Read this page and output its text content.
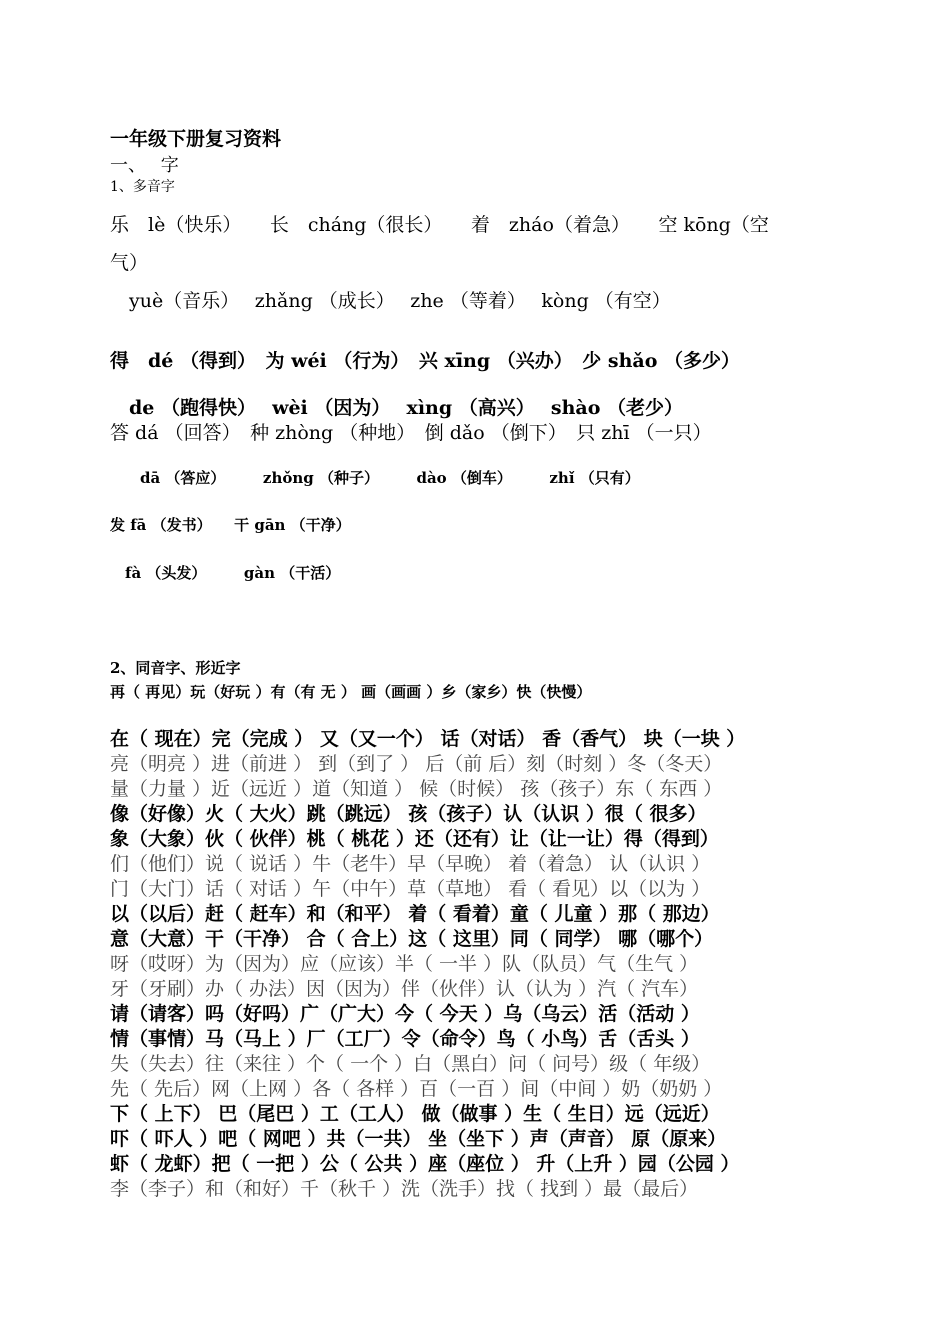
一年级下册复习资料
一、　 字
1、多音字
乐　lè（快乐）　　长　cháng（很长）　　着　zháo（着急）　　空 kōng（空
气）
　yuè（音乐）　 zhǎng （成长）　 zhe （等着）　 kòng （有空）
得　dé （得到）　为 wéi （行为）　兴 xīng （兴办）　少 shǎo （多少）
　de （跑得快）　 wèi （因为）　 xìng （高兴）　 shào （老少）
答 dá （回答）　种 zhòng （种地）　倒 dǎo （倒下）　只 zhī （一只）
　　dā （答应）　　　zhǒng （种子）　　　dào （倒车）　　　zhǐ （只有）
发 fā （发书）　　干 gān （干净）
　fà （头发）　　　gàn （干活）
2、同音字、形近字
再（ 再见）玩（好玩 ）有（有 无 ） 画（画画 ）乡（家乡）快（快慢）
在（ 现在）完（完成 ） 又（又一个） 话（对话） 香（香气） 块（一块 ）
亮（明亮 ）进（前进 ） 到（到了 ） 后（前 后）刻（时刻 ）冬（冬天）
量（力量 ）近（远近 ）道（知道 ） 候（时候） 孩（孩子）东（ 东西 ）
像（好像）火（ 大火）跳（跳远） 孩（孩子）认（认识 ）很（ 很多）
象（大象）伙（ 伙伴）桃（ 桃花 ）还（还有）让（让一让）得（得到）
们（他们）说（ 说话 ）牛（老牛）早（早晚） 着（着急） 认（认识 ）
门（大门）话（ 对话 ）午（中午）草（草地） 看（ 看见）以（以为 ）
以（以后）赶（ 赶车）和（和平） 着（ 看着）童（ 儿童 ）那（ 那边）
意（大意）干（干净） 合（ 合上）这（ 这里）同（ 同学） 哪（哪个）
呀（哎呀）为（因为）应（应该）半（ 一半 ）队（队员）气（生气 ）
牙（牙刷）办（ 办法）因（因为）伴（伙伴）认（认为 ）汽（ 汽车）
请（请客）吗（好吗）广（广大）今（ 今天 ）乌（乌云）活（活动 ）
情（事情）马（马上 ）厂（工厂）令（命令）鸟（ 小鸟）舌（舌头 ）
失（失去）往（来往 ）个（ 一个 ）白（黑白）问（ 问号）级（ 年级）
先（ 先后）网（上网 ）各（ 各样 ）百（一百 ）间（中间 ）奶（奶奶 ）
下（ 上下） 巴（尾巴 ）工（工人） 做（做事 ）生（ 生日）远（远近）
吓（ 吓人 ）吧（ 网吧 ）共（一共） 坐（坐下 ）声（声音） 原（原来）
虾（ 龙虾）把（ 一把 ）公（ 公共 ）座（座位 ） 升（上升 ）园（公园 ）
李（李子）和（和好）千（秋千 ）洗（洗手）找（ 找到 ）最（最后）
